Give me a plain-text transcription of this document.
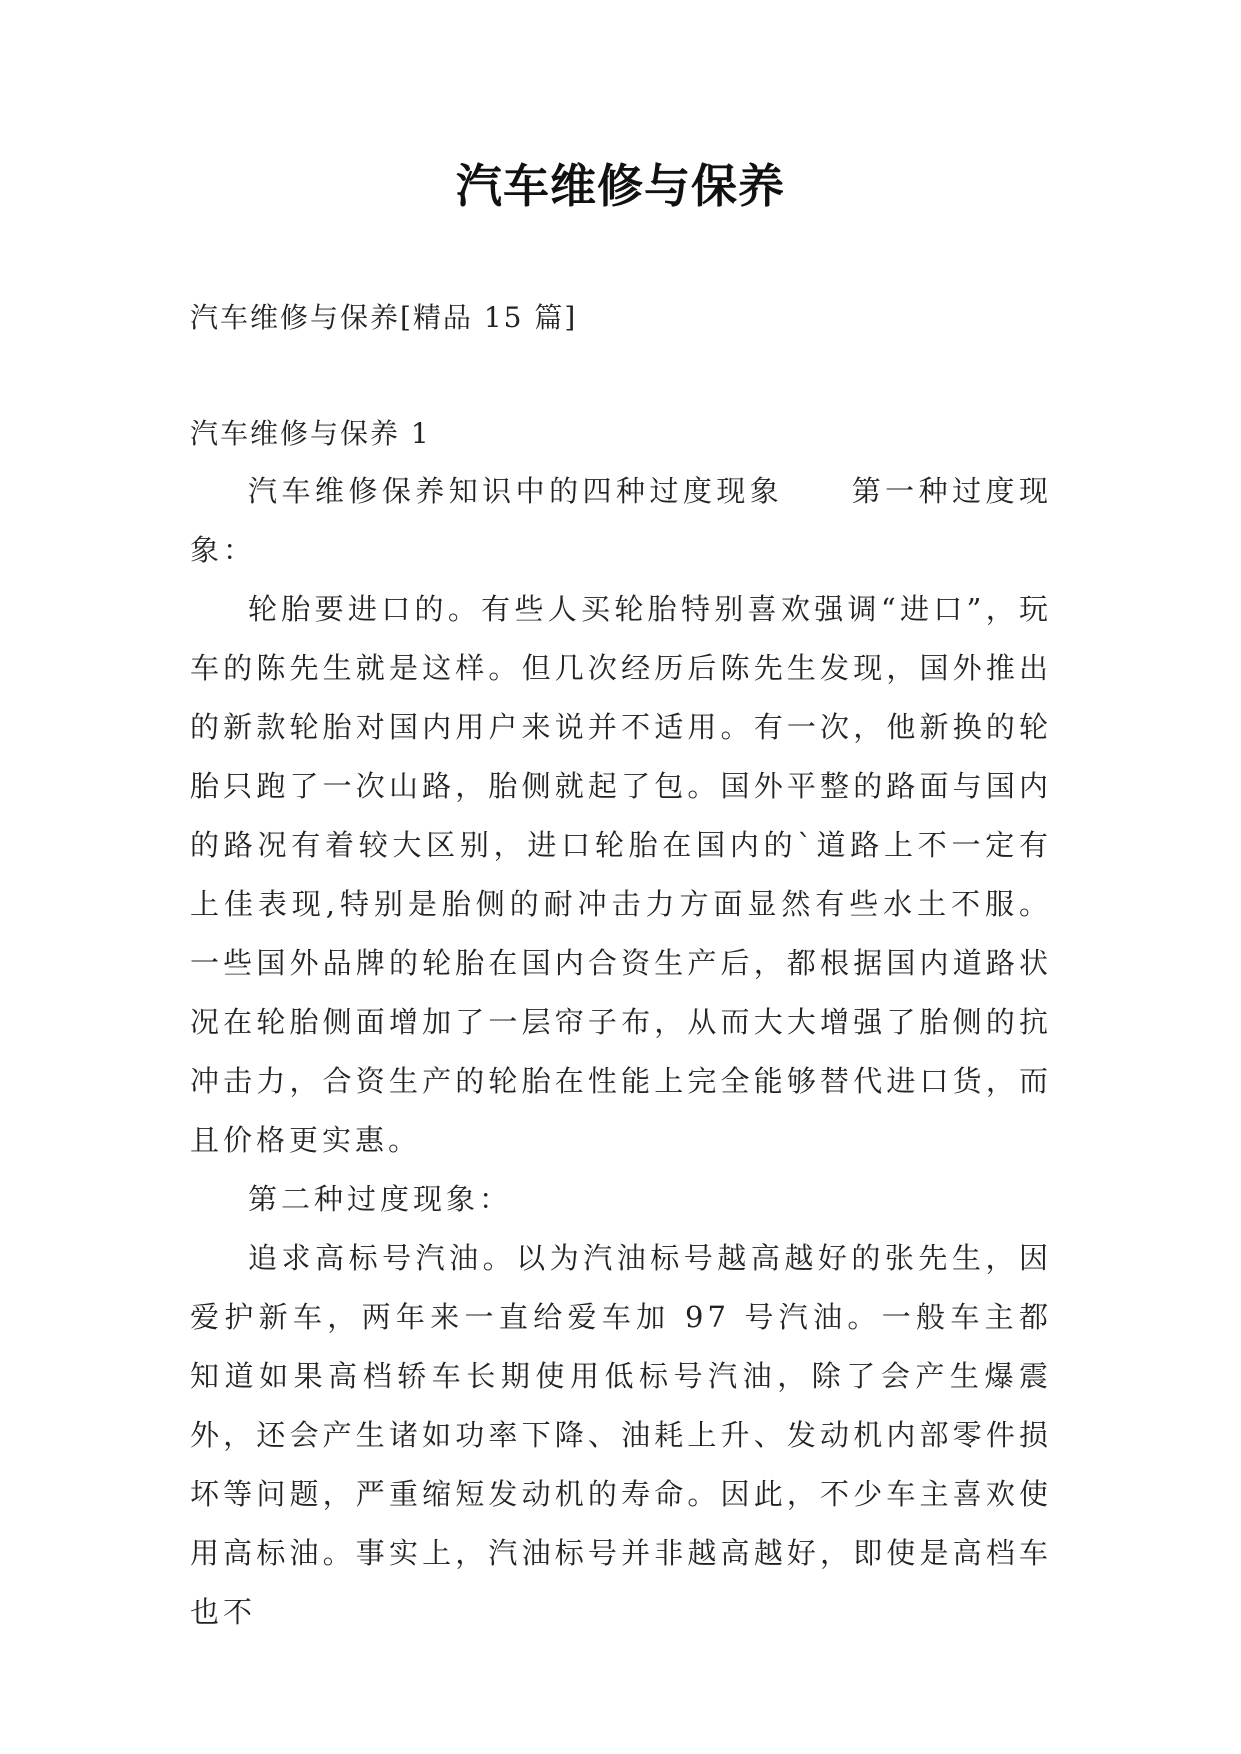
汽车维修与保养
汽车维修与保养[精品 15 篇]
汽车维修与保养 1

汽车维修保养知识中的四种过度现象 第一种过度现象：

轮胎要进口的。有些人买轮胎特别喜欢强调“进口”，玩车的陈先生就是这样。但几次经历后陈先生发现，国外推出的新款轮胎对国内用户来说并不适用。有一次，他新换的轮胎只跑了一次山路，胎侧就起了包。国外平整的路面与国内的路况有着较大区别，进口轮胎在国内的`道路上不一定有上佳表现,特别是胎侧的耐冲击力方面显然有些水土不服。一些国外品牌的轮胎在国内合资生产后，都根据国内道路状况在轮胎侧面增加了一层帘子布，从而大大增强了胎侧的抗冲击力，合资生产的轮胎在性能上完全能够替代进口货，而且价格更实惠。

第二种过度现象：

追求高标号汽油。以为汽油标号越高越好的张先生，因爱护新车，两年来一直给爱车加 97 号汽油。一般车主都知道如果高档轿车长期使用低标号汽油，除了会产生爆震外，还会产生诸如功率下降、油耗上升、发动机内部零件损坏等问题，严重缩短发动机的寿命。因此，不少车主喜欢使用高标油。事实上，汽油标号并非越高越好，即使是高档车也不
